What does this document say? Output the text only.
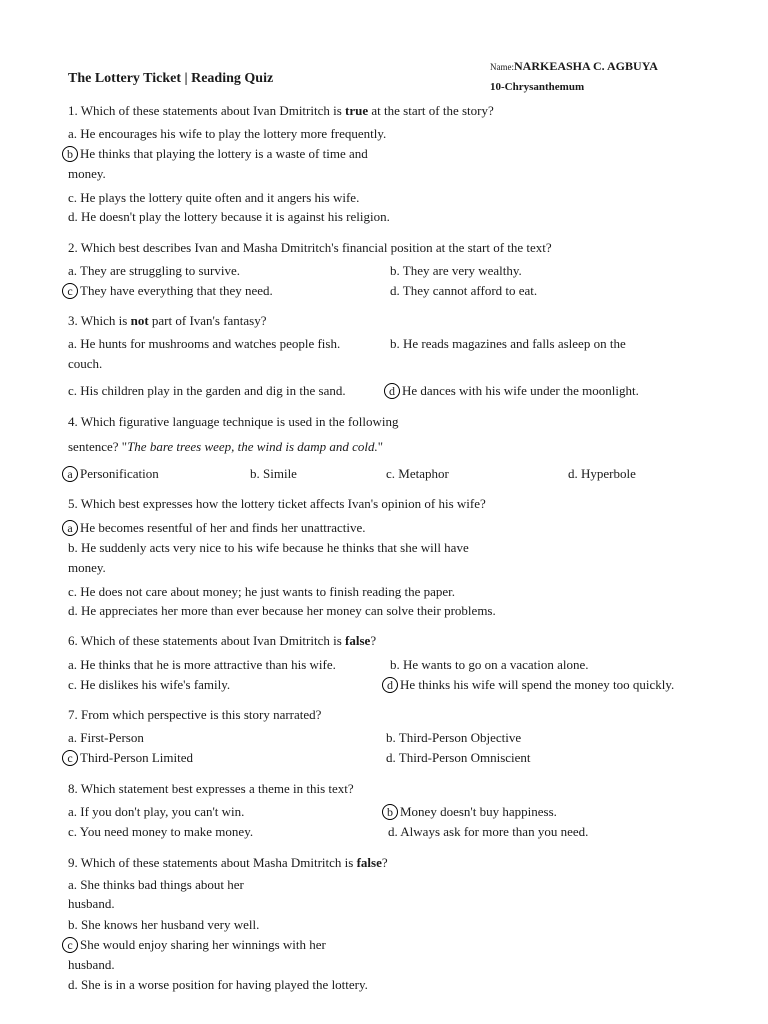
The Lottery Ticket | Reading Quiz
Name:NARKEASHA C. AGBUYA
10-Chrysanthemum
1. Which of these statements about Ivan Dmitritch is true at the start of the story?
a. He encourages his wife to play the lottery more frequently.
b He thinks that playing the lottery is a waste of time and
money.
c. He plays the lottery quite often and it angers his wife.
d. He doesn't play the lottery because it is against his religion.
2. Which best describes Ivan and Masha Dmitritch's financial position at the start of the text?
a. They are struggling to survive.	b. They are very wealthy.
c They have everything that they need.	d. They cannot afford to eat.
3. Which is not part of Ivan's fantasy?
a. He hunts for mushrooms and watches people fish.	b. He reads magazines and falls asleep on the
couch.
c. His children play in the garden and dig in the sand.	d He dances with his wife under the moonlight.
4. Which figurative language technique is used in the following
sentence? "The bare trees weep, the wind is damp and cold."
a Personification	b. Simile	c. Metaphor	d. Hyperbole
5. Which best expresses how the lottery ticket affects Ivan's opinion of his wife?
a He becomes resentful of her and finds her unattractive.
b. He suddenly acts very nice to his wife because he thinks that she will have
money.
c. He does not care about money; he just wants to finish reading the paper.
d. He appreciates her more than ever because her money can solve their problems.
6. Which of these statements about Ivan Dmitritch is false?
a. He thinks that he is more attractive than his wife.	b. He wants to go on a vacation alone.
c. He dislikes his wife's family.	d He thinks his wife will spend the money too quickly.
7. From which perspective is this story narrated?
a. First-Person	b. Third-Person Objective
c Third-Person Limited	d. Third-Person Omniscient
8. Which statement best expresses a theme in this text?
a. If you don't play, you can't win.	b Money doesn't buy happiness.
c. You need money to make money.	d. Always ask for more than you need.
9. Which of these statements about Masha Dmitritch is false?
a. She thinks bad things about her
husband.
b. She knows her husband very well.
c She would enjoy sharing her winnings with her
husband.
d. She is in a worse position for having played the lottery.
